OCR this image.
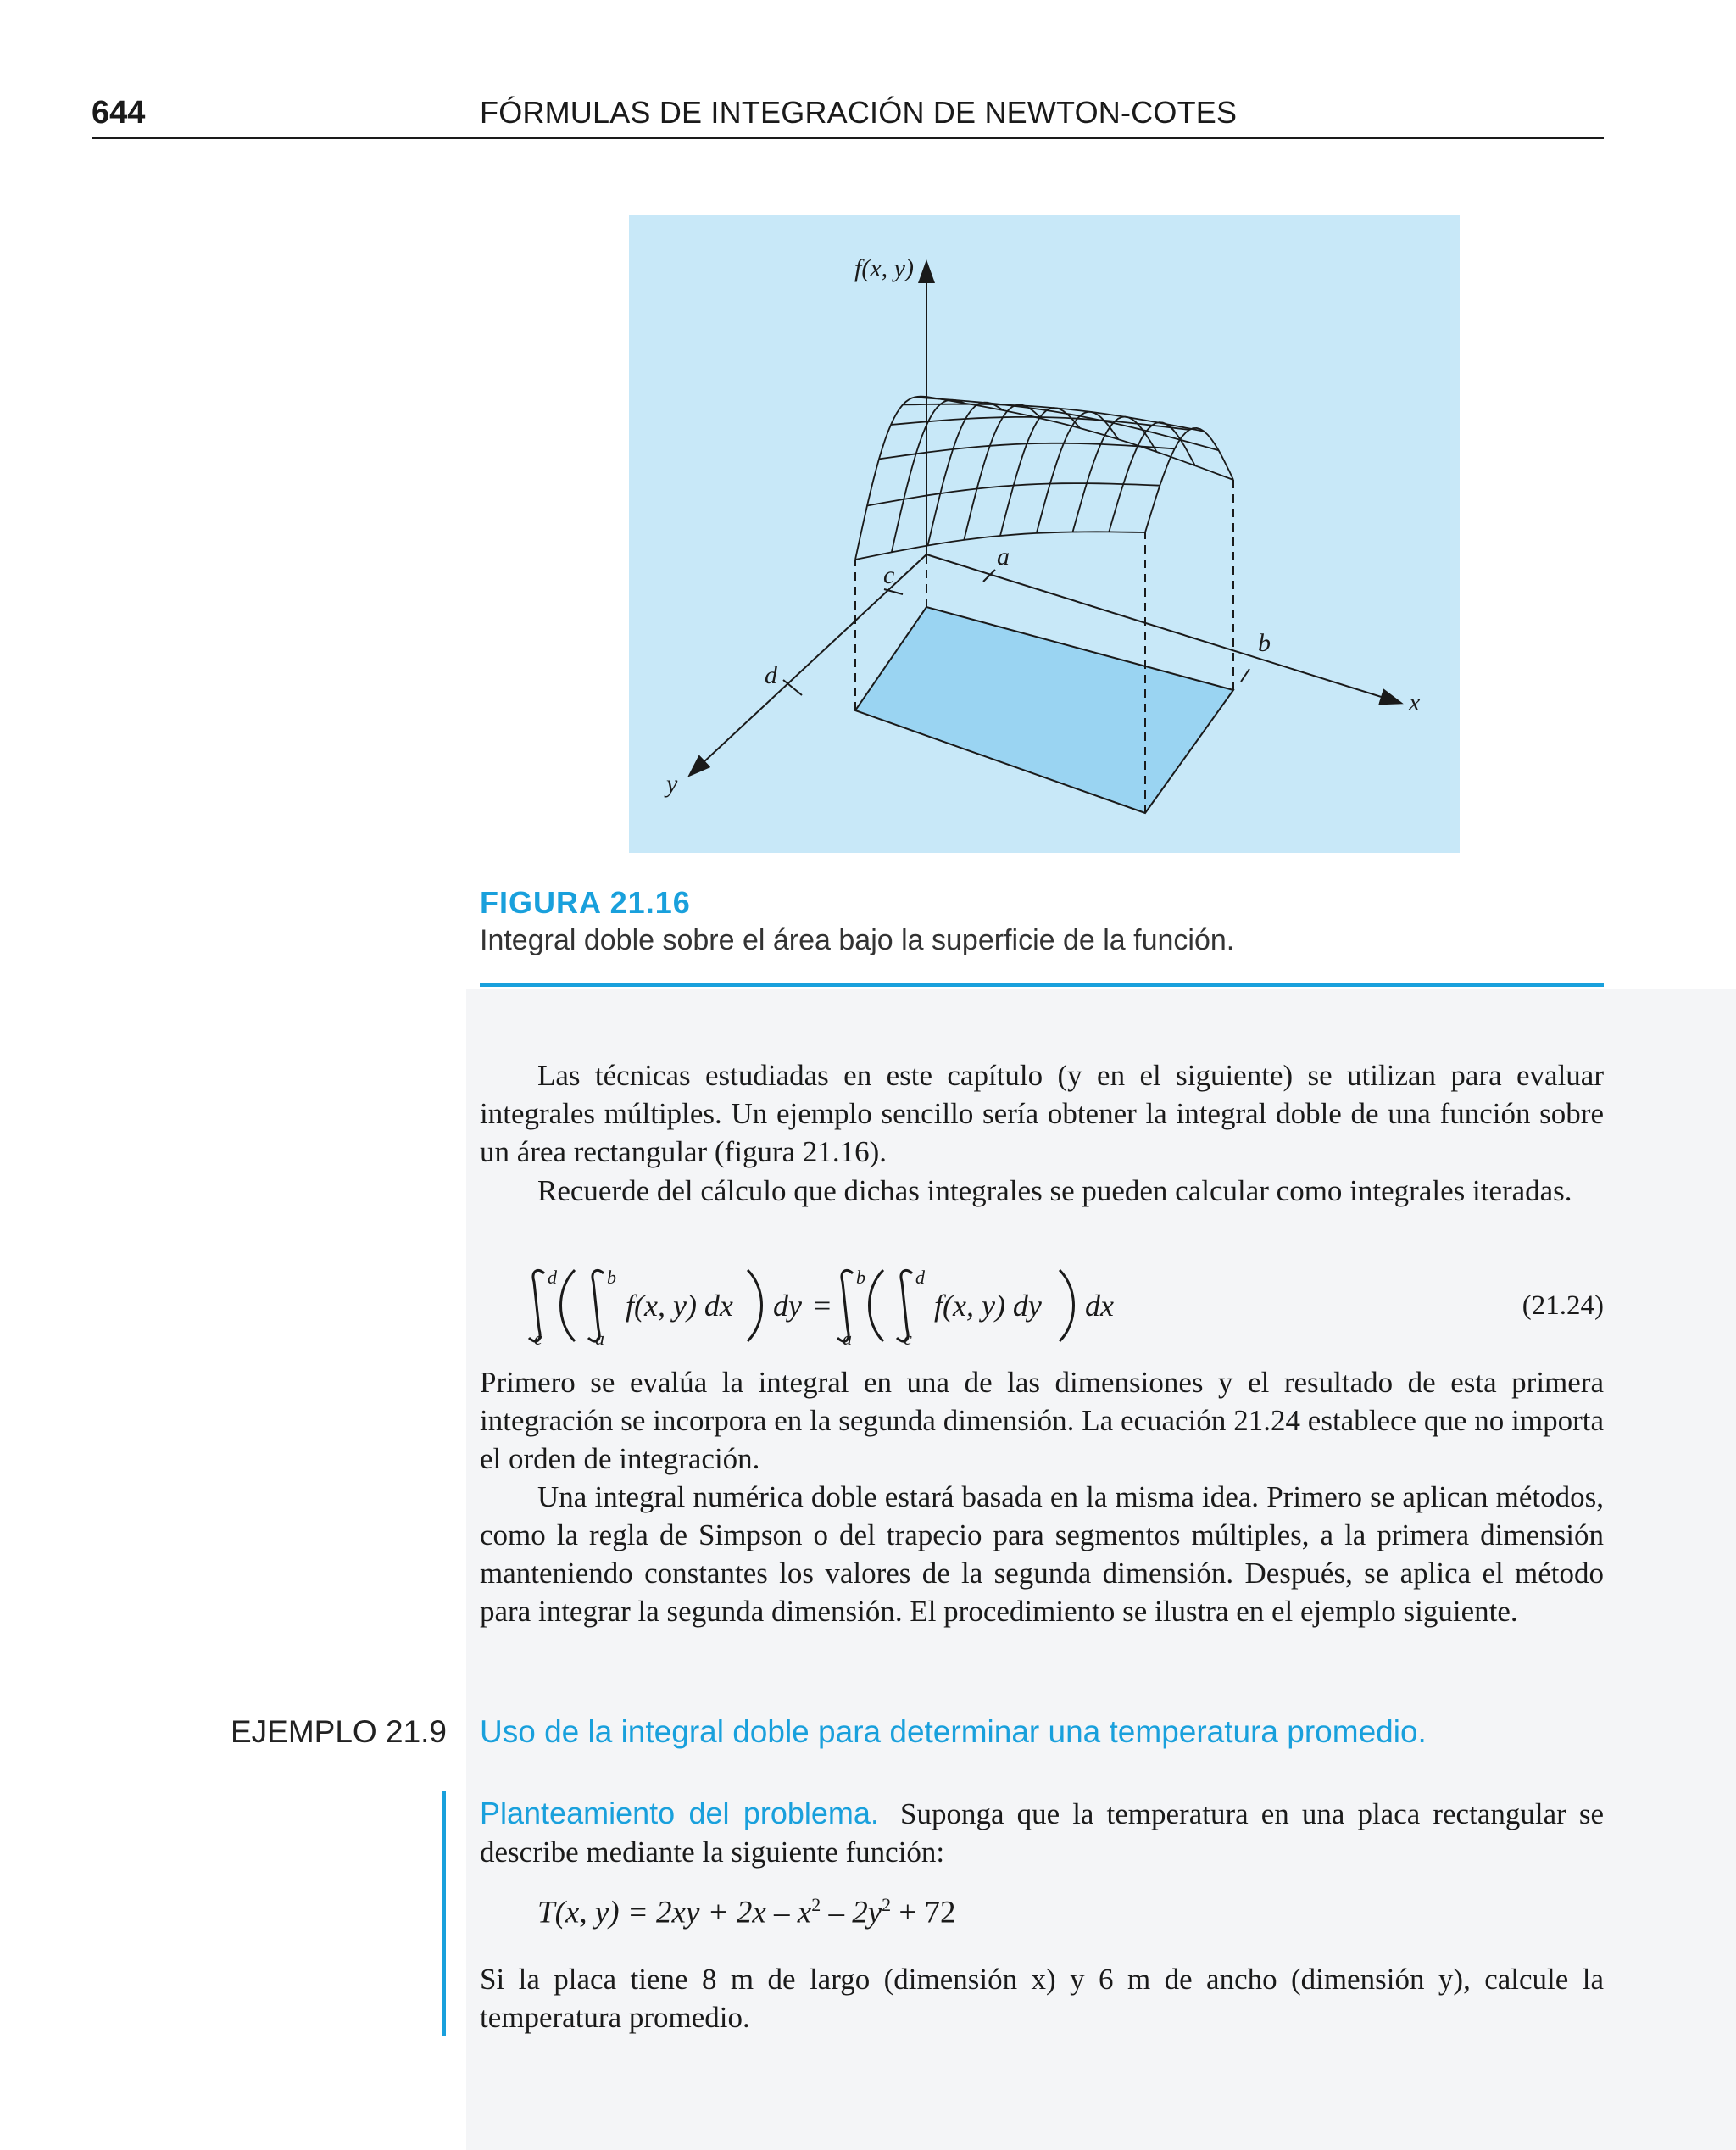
644	FÓRMULAS DE INTEGRACIÓN DE NEWTON-COTES
f(x, y)
x
y
a
b
c
d
FIGURA 21.16
Integral doble sobre el área bajo la superficie de la función.
Las técnicas estudiadas en este capítulo (y en el siguiente) se utilizan para evaluar integrales múltiples. Un ejemplo sencillo sería obtener la integral doble de una función sobre un área rectangular (figura 21.16).
Recuerde del cálculo que dichas integrales se pueden calcular como integrales iteradas.
d
c
b
a
f(x, y) dx dy =
b
a
d
c
f(x, y) dy dx	(21.24)
Primero se evalúa la integral en una de las dimensiones y el resultado de esta primera integración se incorpora en la segunda dimensión. La ecuación 21.24 establece que no importa el orden de integración.
Una integral numérica doble estará basada en la misma idea. Primero se aplican métodos, como la regla de Simpson o del trapecio para segmentos múltiples, a la primera dimensión manteniendo constantes los valores de la segunda dimensión. Después, se aplica el método para integrar la segunda dimensión. El procedimiento se ilustra en el ejemplo siguiente.
EJEMPLO 21.9 Uso de la integral doble para determinar una temperatura promedio.
Planteamiento del problema. Suponga que la temperatura en una placa rectangular se describe mediante la siguiente función:
T(x, $y) = 2xy + 2x - x^2 - 2y^2 + 72$
Si la placa tiene 8 m de largo (dimensión x) y 6 m de ancho (dimensión y), calcule la temperatura promedio.
